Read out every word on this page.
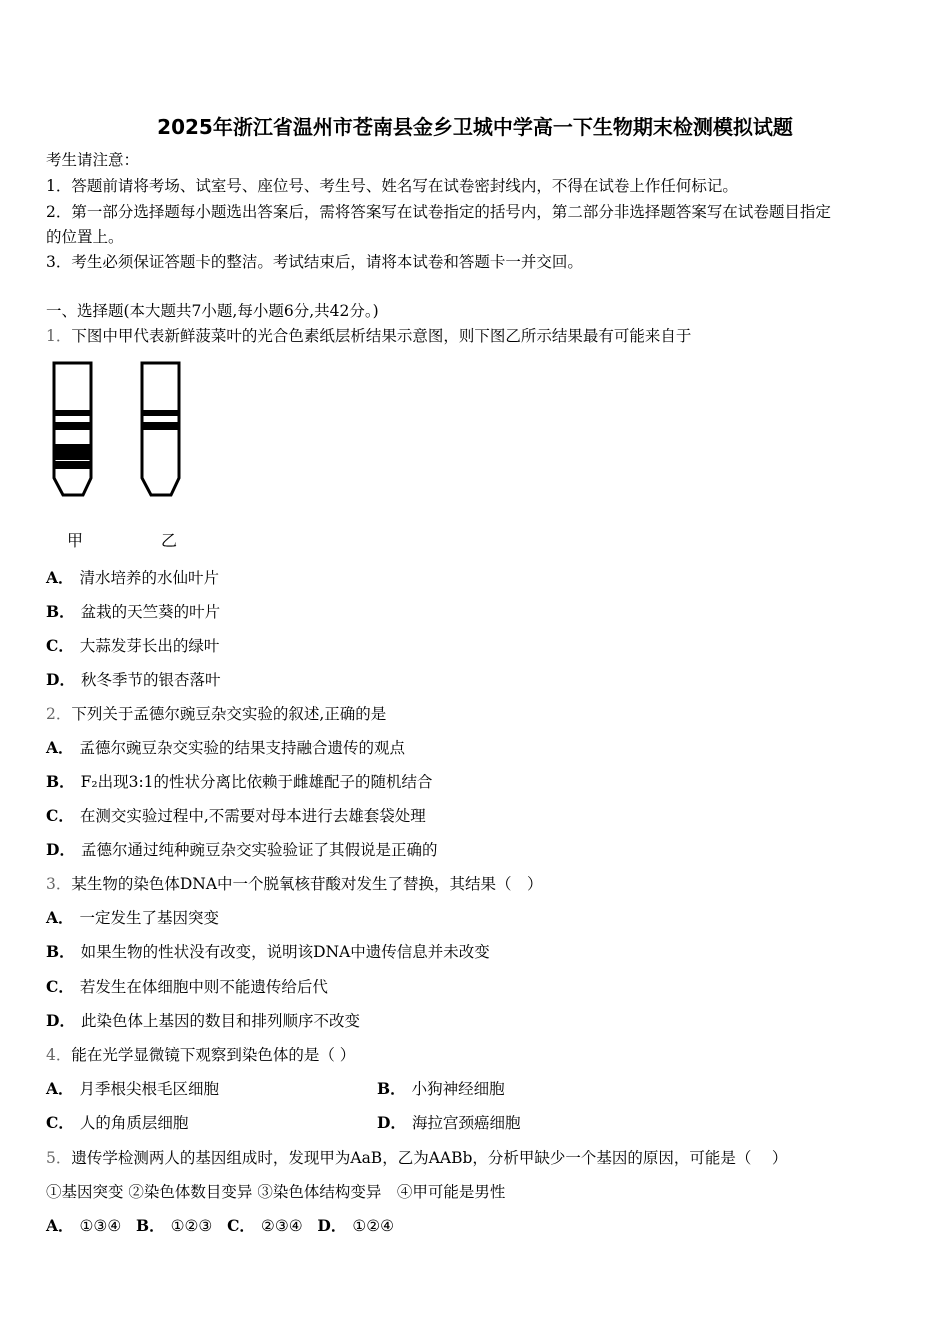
2025年浙江省温州市苍南县金乡卫城中学高一下生物期末检测模拟试题
考生请注意：
1．答题前请将考场、试室号、座位号、考生号、姓名写在试卷密封线内，不得在试卷上作任何标记。
2．第一部分选择题每小题选出答案后，需将答案写在试卷指定的括号内，第二部分非选择题答案写在试卷题目指定
的位置上。
3．考生必须保证答题卡的整洁。考试结束后，请将本试卷和答题卡一并交回。
一、选择题(本大题共7小题,每小题6分,共42分。)
1．下图中甲代表新鲜菠菜叶的光合色素纸层析结果示意图，则下图乙所示结果最有可能来自于
甲	乙
A． 清水培养的水仙叶片
B． 盆栽的天竺葵的叶片
C． 大蒜发芽长出的绿叶
D． 秋冬季节的银杏落叶
2．下列关于孟德尔豌豆杂交实验的叙述,正确的是
A． 孟德尔豌豆杂交实验的结果支持融合遗传的观点
B． F₂出现3:1的性状分离比依赖于雌雄配子的随机结合
C． 在测交实验过程中,不需要对母本进行去雄套袋处理
D． 孟德尔通过纯种豌豆杂交实验验证了其假说是正确的
3．某生物的染色体DNA中一个脱氧核苷酸对发生了替换，其结果（　）
A． 一定发生了基因突变
B． 如果生物的性状没有改变，说明该DNA中遗传信息并未改变
C． 若发生在体细胞中则不能遗传给后代
D． 此染色体上基因的数目和排列顺序不改变
4．能在光学显微镜下观察到染色体的是（ ）
A． 月季根尖根毛区细胞	B． 小狗神经细胞
C． 人的角质层细胞	D． 海拉宫颈癌细胞
5．遗传学检测两人的基因组成时，发现甲为AaB，乙为AABb，分析甲缺少一个基因的原因，可能是（　 ）
①基因突变 ②染色体数目变异 ③染色体结构变异　④甲可能是男性
A． ①③④ B． ①②③ C． ②③④ D． ①②④
